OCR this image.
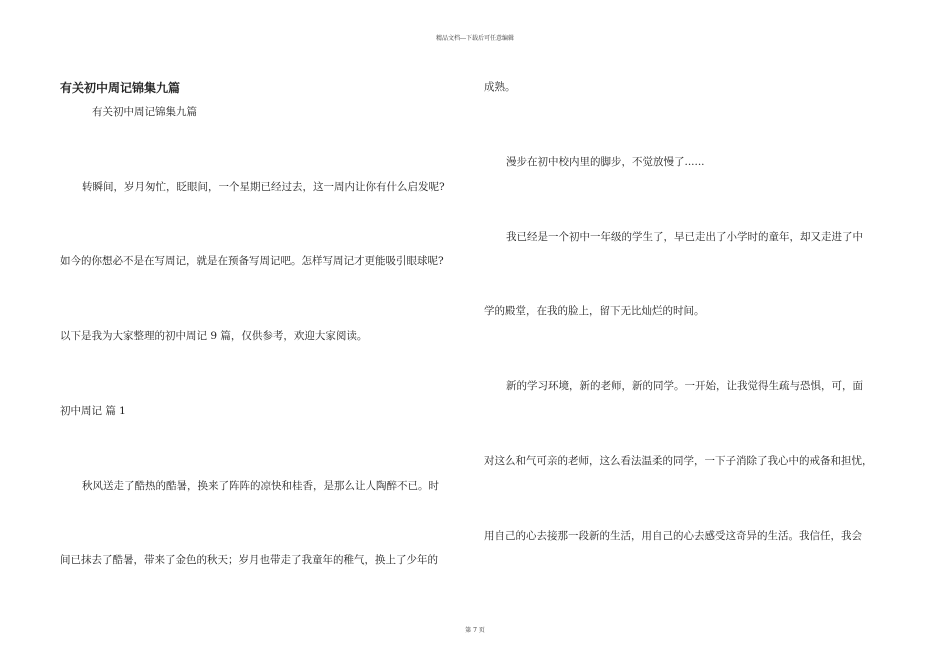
精品文档---下载后可任意编辑
有关初中周记锦集九篇
有关初中周记锦集九篇
转瞬间，岁月匆忙，眨眼间，一个星期已经过去，这一周内让你有什么启发呢?
如今的你想必不是在写周记，就是在预备写周记吧。怎样写周记才更能吸引眼球呢?
以下是我为大家整理的初中周记 9 篇，仅供参考，欢迎大家阅读。
初中周记 篇 1
秋风送走了酷热的酷暑，换来了阵阵的凉快和桂香，是那么让人陶醉不已。时
间已抹去了酷暑，带来了金色的秋天；岁月也带走了我童年的稚气，换上了少年的
成熟。
漫步在初中校内里的脚步，不觉放慢了......
我已经是一个初中一年级的学生了，早已走出了小学时的童年，却又走进了中
学的殿堂，在我的脸上，留下无比灿烂的时间。
新的学习环境，新的老师，新的同学。一开始，让我觉得生疏与恐惧，可，面
对这么和气可亲的老师，这么看法温柔的同学，一下子消除了我心中的戒备和担忧，
用自己的心去接那一段新的生活，用自己的心去感受这奇异的生活。我信任，我会
第 7 页
